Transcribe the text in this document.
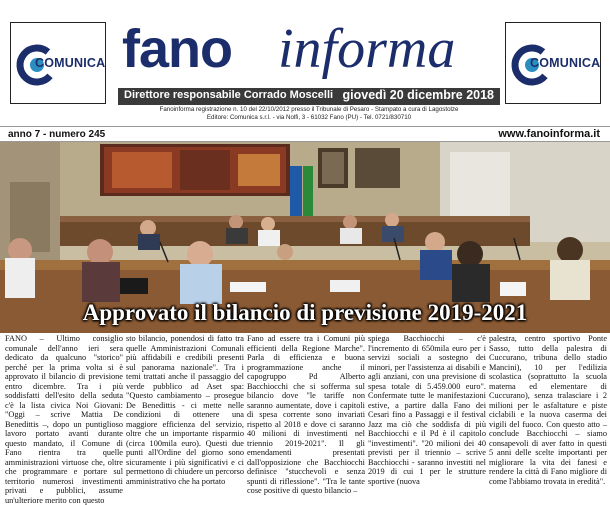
COMUNICA fano informa	COMUNICA
Direttore responsabile Corrado Moscelli giovedì 20 dicembre 2018
Fanoinforma registrazione n. 10 del 22/10/2012 presso il Tribunale di Pesaro - Stampato a cura di Lagostolze
Editore: Comunica s.r.l. - via Nolfi, 3 - 61032 Fano (PU) - Tel. 0721/830710
anno 7 - numero 245	www.fanoinforma.it
Approvato il bilancio di previsione 2019-2021
FANO – Ultimo consiglio comunale dell'anno ieri sera dedicato da qualcuno "storico" perché per la prima volta si è approvato il bilancio di previsione entro dicembre. Tra i più soddisfatti dell'esito della seduta c'è la lista civica Noi Giovani: "Oggi – scrive Mattia De Benedittis –, dopo un puntiglioso lavoro portato avanti durante questo mandato, il Comune di Fano rientra tra quelle amministrazioni virtuose che, oltre che programmare e portare sul territorio numerosi investimenti privati e pubblici, assume un'ulteriore merito con questo
sto bilancio, ponendosi di fatto tra quelle Amministrazioni Comunali più affidabili e credibili presenti sul panorama nazionale". Tra i temi trattati anche il passaggio del verde pubblico ad Aset spa: "Questo cambiamento – prosegue De Benedittis - ci mette nelle condizioni di ottenere una maggiore efficienza del servizio, oltre che un importante risparmio (circa 100mila euro). Questi due punti all'Ordine del giorno sono sicuramente i più significativi e ci permettono di chiudere un percorso amministrativo che ha portato
Fano ad essere tra i Comuni più efficienti della Regione Marche". Parla di efficienza e buona programmazione anche il capogruppo Pd Alberto Bacchiocchi che si sofferma sul bilancio dove "le tariffe non saranno aumentate, dove i capitoli di spesa corrente sono invariati rispetto al 2018 e dove ci saranno 40 milioni di investimenti nel triennio 2019-2021". Il gli emendamenti presentati dall'opposizione che Bacchiocchi definisce "stucchevoli e senza spunti di riflessione". "Tra le tante cose positive di questo bilancio –
spiega Bacchiocchi – c'è l'incremento di 650mila euro per i servizi sociali a sostegno dei minori, per l'assistenza ai disabili e agli anziani, con una previsione di spesa totale di 5.459.000 euro". Confermate tutte le manifestazioni estive, a partire dalla Fano dei Cesari fino a Passaggi e il festival Jazz ma ciò che soddisfa di più Bacchiocchi e il Pd è il capitolo "investimenti". "20 milioni dei 40 previsti per il triennio – scrive Bacchiocchi - saranno investiti nel 2019 di cui 1 per le strutture sportive (nuova
palestra, centro sportivo Ponte Sasso, tutto della palestra di Cuccurano, tribuna dello stadio Mancini), 10 per l'edilizia scolastica (soprattutto la scuola materna ed elementare di Cuccurano), senza tralasciare i 2 milioni per le asfaltature e piste ciclabili e la nuova caserma dei vigili del fuoco. Con questo atto – conclude Bacchiocchi – siamo consapevoli di aver fatto in questi 5 anni delle scelte importanti per migliorare la vita dei fanesi e rendere la città di Fano migliore di come l'abbiamo trovata in eredità".
